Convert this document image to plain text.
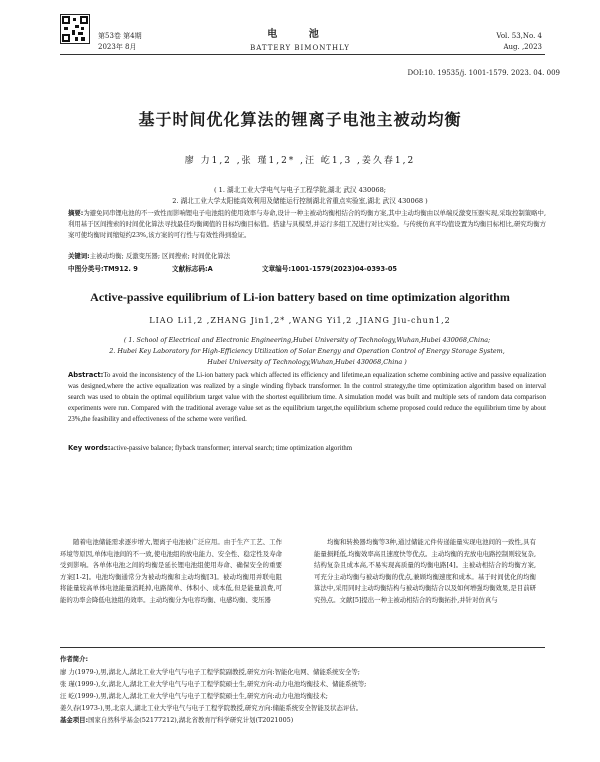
第53卷 第4期
2023年 8月
电 池
BATTERY BIMONTHLY
Vol. 53,No. 4
Aug. ,2023
DOI:10. 19535/j. 1001-1579. 2023. 04. 009
基于时间优化算法的锂离子电池主被动均衡
廖 力1,2 ,张 瑾1,2* ,汪 屹1,3 ,姜久春1,2
( 1. 湖北工业大学电气与电子工程学院,湖北 武汉 430068;
2. 湖北工业大学太阳能高效利用及储能运行控制湖北省重点实验室,湖北 武汉 430068 )
摘要:为避免同串锂电池的不一致性而影响锂电子电池组的使用效率与寿命,设计一种主被动均衡相结合的均衡方案,其中主动均衡由以单端反激变压器实现,采取控制策略中,利用基于区间搜索的时间优化算法寻找最佳均衡阈值的目标均衡目标值。搭建与具模型,并运行多组工况进行对比实验。与传统仿真平均值设置为均衡目标相比,研究均衡方案可使均衡时间缩短约23%,该方案的可行性与有效性得到验证。
关键词:主被动均衡; 反激变压器; 区间搜索; 时间优化算法
中图分类号:TM912. 9	文献标志码:A	文章编号:1001-1579(2023)04-0393-05
Active-passive equilibrium of Li-ion battery based on time optimization algorithm
LIAO Li1,2 ,ZHANG Jin1,2* ,WANG Yi1,2 ,JIANG Jiu-chun1,2
( 1. School of Electrical and Electronic Engineering,Hubei University of Technology,Wuhan,Hubei 430068,China;
2. Hubei Key Laboratory for High-Efficiency Utilization of Solar Energy and Operation Control of Energy Storage System,
Hubei University of Technology,Wuhan,Hubei 430068,China )
Abstract:To avoid the inconsistency of the Li-ion battery pack which affected its efficiency and lifetime,an equalization scheme combining active and passive equalization was designed,where the active equalization was realized by a single winding flyback transformer. In the control strategy,the time optimization algorithm based on interval search was used to obtain the optimal equilibrium target value with the shortest equilibrium time. A simulation model was built and multiple sets of random data comparison experiments were run. Compared with the traditional average value set as the equilibrium target,the equilibrium scheme proposed could reduce the equilibrium time by about 23%,the feasibility and effectiveness of the scheme were verified.
Key words:active-passive balance; flyback transformer; interval search; time optimization algorithm
随着电池储能需求逐步增大,锂离子电池被广泛应用。由于生产工艺、工作环境等原因,单体电池间的不一致,使电池组的放电能力、安全性、稳定性及寿命受到影响。各单体电池之间的均衡是延长锂电池组使用寿命、确保安全的重要方案[1-2]。电池均衡通常分为被动均衡和主动均衡[3]。被动均衡用并联电阻将能量较高单体电池能量消耗掉,电路简单、体积小、成本低,但是能量浪费,可能的功率会降低电池组的效率。主动均衡分为电容均衡、电感均衡、变压器
均衡和转换器均衡等3种,通过储能元件传递能量实现电池间的一致性,具有能量损耗低,均衡效率高且速度快等优点。主动均衡的充放电电路控制则较复杂,结构复杂且成本高,不易实现高质量的均衡电路[4]。主被动相结合的均衡方案,可充分主动均衡与被动均衡的优点,兼顾均衡速度和成本。基于时间优化的均衡算法中,采用同时主动均衡结构与被动均衡结合以及如何增强均衡效果,是目前研究热点。文献[5]提出一种主被动相结合的均衡拓扑,并针对仿真与
作者简介:
廖 力(1979-),男,湖北人,湖北工业大学电气与电子工程学院副教授,研究方向:智能化电网、储能系统安全等;
张 瑾(1999-),女,湖北人,湖北工业大学电气与电子工程学院硕士生,研究方向:动力电池均衡技术、储能系统等;
汪 屹(1999-),男,湖北人,湖北工业大学电气与电子工程学院硕士生,研究方向:动力电池均衡技术;
姜久春(1973-),男,北京人,湖北工业大学电气与电子工程学院教授,研究方向:储能系统安全智能及状态评估。
基金项目:国家自然科学基金(52177212),湖北省教育厅科学研究计划(T2021005)
